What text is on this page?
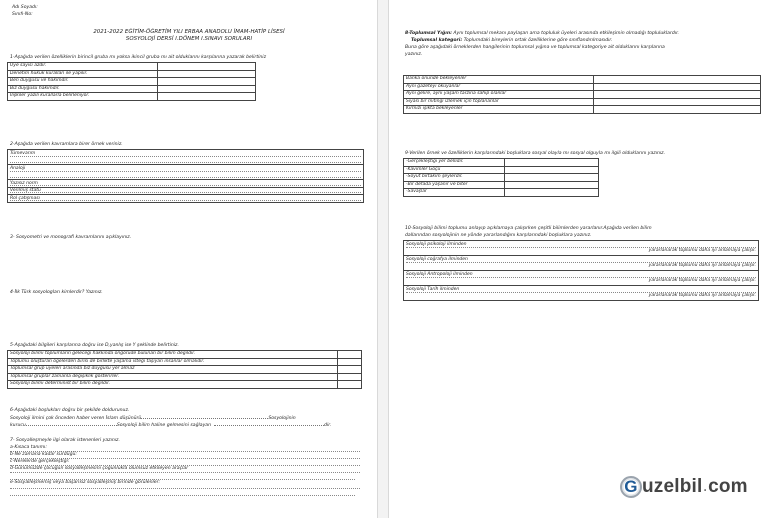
Adı Soyadı:
Sınıfı-No:
2021-2022 EĞİTİM-ÖĞRETİM YILI ERBAA ANADOLU İMAM-HATİP LİSESİ
SOSYOLOJİ DERSİ I.DÖNEM I.SINAVI SORULARI
1-Aşağıda verilen özelliklerin birincil gruba mı yoksa ikincil gruba mı ait olduklarını karşılarına yazarak belirtiniz
Üye sayısı azdır.	
Denetim hukuk kuralları ile yapılır.	
Ben duygusu ve hakimdir.	
Biz duygusu hakimdir.	
İlişkiler yazılı kurallarla belirleniyor.	
2-Aşağıda verilen kavramlara birer örnek veriniz.
Tümevarım

Analoji

Yazısız norm

Verilmiş statü

Rol çatışması
3- Sosyometri ve monografi kavramlarını açıklayınız.
4-İlk Türk sosyologları kimlerdir? Yazınız.
5-Aşağıdaki bilgileri karşılarına doğru ise D,yanlış ise Y şeklinde belirtiniz.
Sosyoloji bilimi toplumların geleceği hakkında öngörüde bulunan bir bilim değildir.	
Toplumu oluşturan öğelerden birisi de birlikte yaşama isteği taşıyan insanlar olmalıdır.	
Toplumsal grup üyeleri arasında biz duygusu yer almaz	
Toplumsal gruplar zamanla değişiklik gösterirler.	
Sosyoloji bilimi determinist bir bilim değildir.	
6-Aşağıdaki boşlukları doğru bir şekilde doldurunuz.
Sosyoloji ilmini çok önceden haber veren İslam düşünürü	Sosyolojinin
kurucu	Sosyoloji bilim haline gelmesini sağlayan	dir.
7- Sosyalleşmeyle ilgi olarak istenenleri yazınız.
a-Kısaca tanımı:
b-Ne zamana kadar sürdüğü:
c-Nerelerde gerçekleştiği:
d-Günümüzde çocuğun sosyalleşmesini çoğunlukla olumsuz etkileyen araçlar
e-Sosyalleşmemiş veya başarısız sosyalleşmiş birinde görülenler:
8-Toplumsal Yığın: Aynı toplumsal mekanı paylaşan ama topluluk üyeleri arasında etkileşimin olmadığı topluluklardır.
Toplumsal kategori: Toplumdaki bireylerin ortak özelliklerine göre sınıflandırılmasıdır.
Buna göre aşağıdaki örneklerden hangilerinin toplumsal yığına ve toplumsal kategoriye ait olduklarını karşılarına
yazınız.
Banka önünde bekleyenler	
Aynı gazeteyi okuyanlar	
Aynı gelire, aynı yaşam tarzına sahip olanlar	
Siyasi bir mitingi izlemek için toplananlar	
Kırmızı ışıkta bekleyenler	
9-Verilen örnek ve özelliklerin karşılarındaki boşluklara sosyal olayla mı sosyal olguyla mı ilgili olduklarını yazınız.
-Gerçekleştiği yer bellidir.	
-Kavimler Göçü	
-Soyut birtakım şeylerdir.	
-Bir defada yaşanır ve biter	
-Savaşlar	
10-Sosyoloji bilimi toplumu anlayıp açıklamaya çalışırken çeşitli bilimlerden yararlanır.Aşağıda verilen bilim
dallarından sosyolojinin ne yönde yararlandığını karşılarındaki boşluklara yazınız.
Sosyoloji psikoloji ilminden
yararlanarak toplumu daha iyi anlamaya çalışır.

Sosyoloji coğrafya ilminden
yararlanarak toplumu daha iyi anlamaya çalışır.

Sosyoloji Antropoloji ilminden
yararlanarak toplumu daha iyi anlamaya çalışır.

Sosyoloji Tarih ilminden
yararlanarak toplumu daha iyi anlamaya çalışır.
G uzelbil . com
